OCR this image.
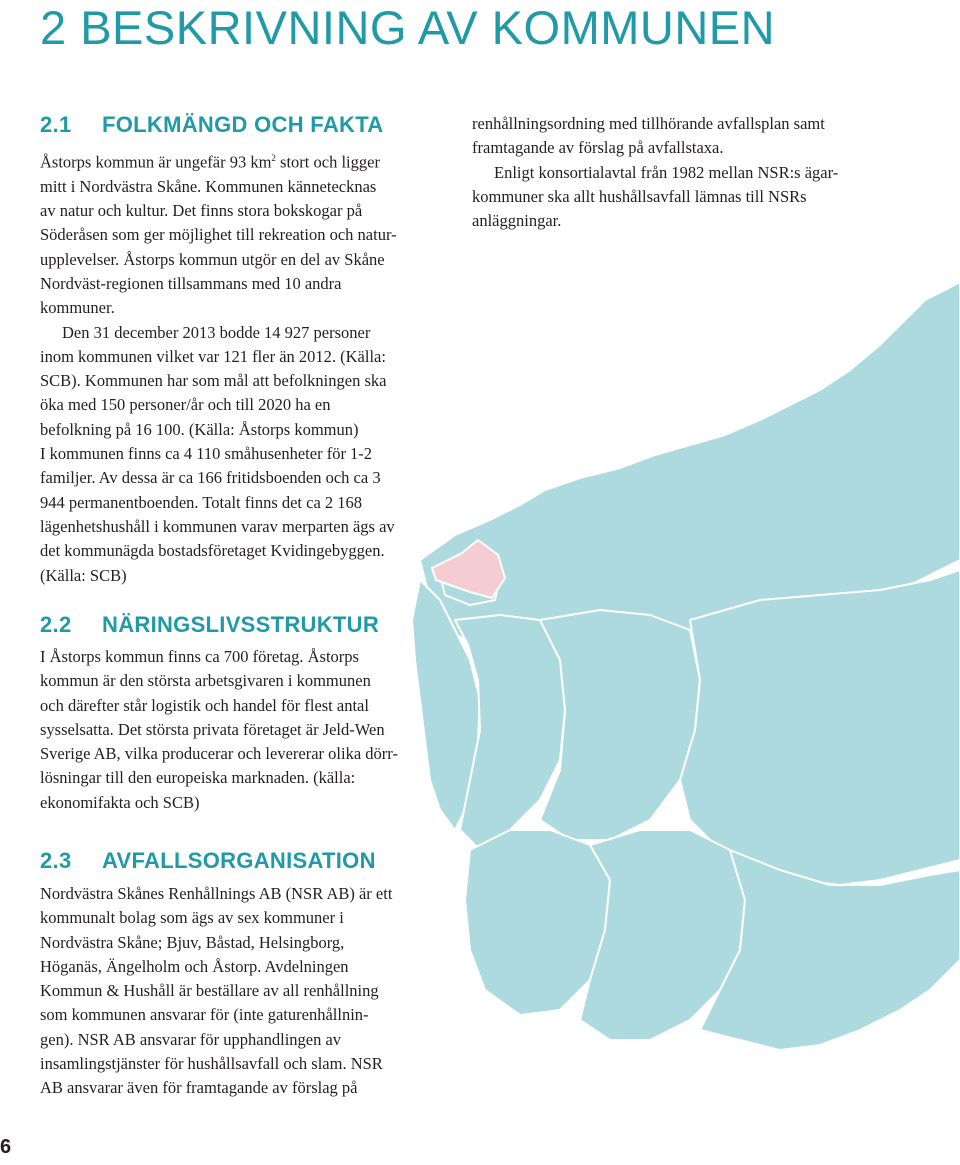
2 BESKRIVNING AV KOMMUNEN
2.1 FOLKMÄNGD OCH FAKTA
Åstorps kommun är ungefär 93 $km^2$ stort och ligger
mitt i Nordvästra Skåne. Kommunen kännetecknas
av natur och kultur. Det finns stora bokskogar på
Söderåsen som ger möjlighet till rekreation och natur-
upplevelser. Åstorps kommun utgör en del av Skåne
Nordväst-regionen tillsammans med 10 andra
kommuner.
Den 31 december 2013 bodde 14 927 personer
inom kommunen vilket var 121 fler än 2012. (Källa:
SCB). Kommunen har som mål att befolkningen ska
öka med 150 personer/år och till 2020 ha en
befolkning på 16 100. (Källa: Åstorps kommun)
I kommunen finns ca 4 110 småhusenheter för 1-2
familjer. Av dessa är ca 166 fritidsboenden och ca 3
944 permanentboenden. Totalt finns det ca 2 168
lägenhetshushåll i kommunen varav merparten ägs av
det kommunägda bostadsföretaget Kvidingebyggen.
(Källa: SCB)
2.2 NÄRINGSLIVSSTRUKTUR
I Åstorps kommun finns ca 700 företag. Åstorps
kommun är den största arbetsgivaren i kommunen
och därefter står logistik och handel för flest antal
sysselsatta. Det största privata företaget är Jeld-Wen
Sverige AB, vilka producerar och levererar olika dörr-
lösningar till den europeiska marknaden. (källa:
ekonomifakta och SCB)
2.3 AVFALLSORGANISATION
Nordvästra Skånes Renhållnings AB (NSR AB) är ett
kommunalt bolag som ägs av sex kommuner i
Nordvästra Skåne; Bjuv, Båstad, Helsingborg,
Höganäs, Ängelholm och Åstorp. Avdelningen
Kommun & Hushåll är beställare av all renhållning
som kommunen ansvarar för (inte gaturenhållnin-
gen). NSR AB ansvarar för upphandlingen av
insamlingstjänster för hushållsavfall och slam. NSR
AB ansvarar även för framtagande av förslag på
renhållningsordning med tillhörande avfallsplan samt
framtagande av förslag på avfallstaxa.
Enligt konsortialavtal från 1982 mellan NSR:s ägar-
kommuner ska allt hushållsavfall lämnas till NSRs
anläggningar.
6
